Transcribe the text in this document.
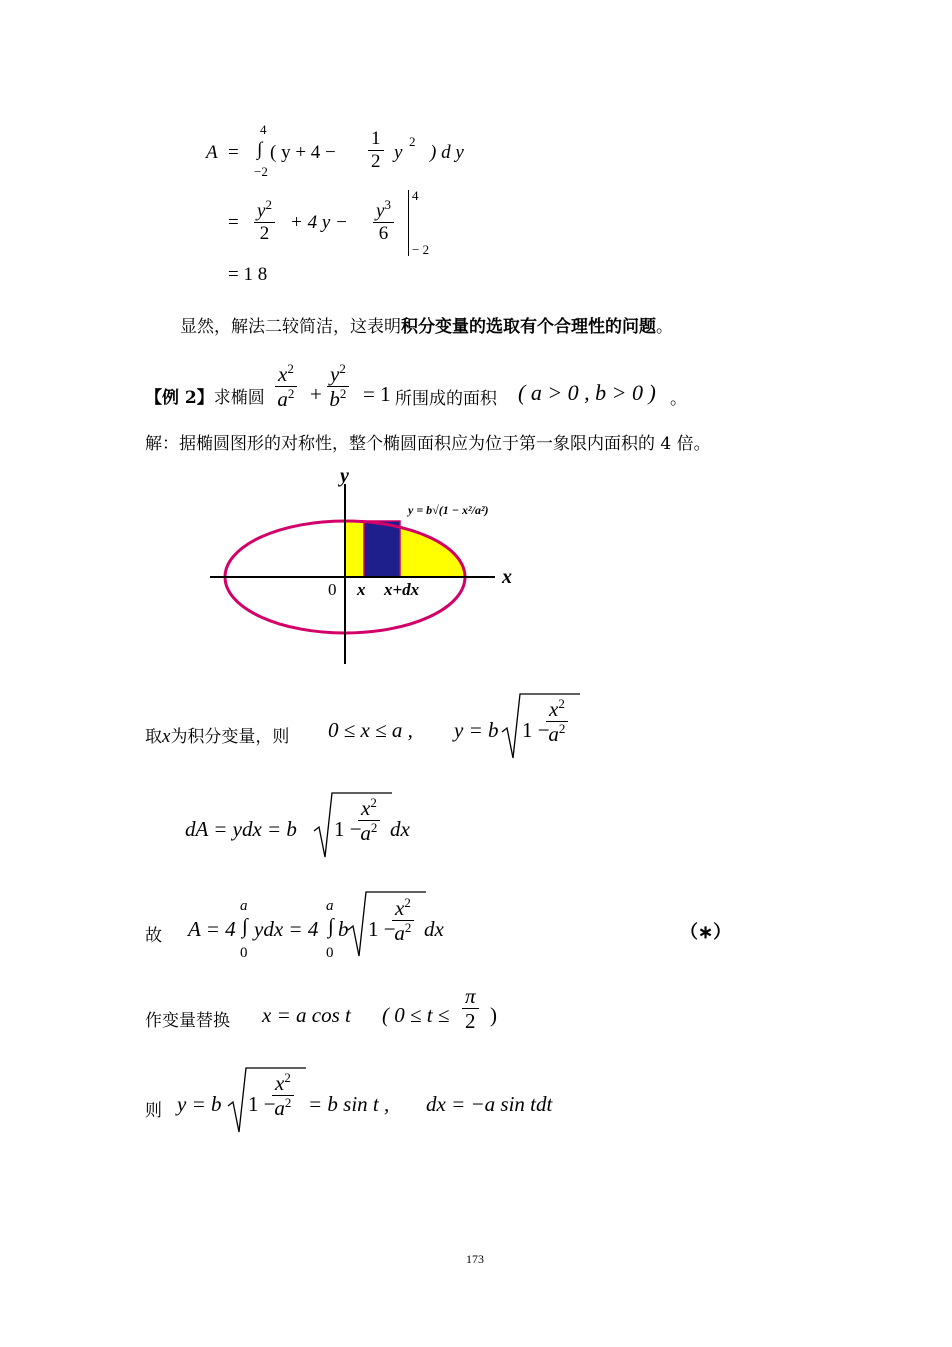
A =
4
∫
−2
( $y + 4 - \frac{1}{2}$ y
2
) d y
= $\frac{y^2}{2} + 4$ $y - \frac{y^3}{6}$
4
− 2
= 1 8
显然，解法二较简洁，这表明积分变量的选取有个合理性的问题。
【例 2】求椭圆 $\frac{x^2}{a^2} + \frac{y^2}{b^2} = 1$ 所围成的面积 ( a > 0 , b > 0 ) 。
解：据椭圆图形的对称性，整个椭圆面积应为位于第一象限内面积的 4 倍。
y
x
0 x x+dx
y = b√(1 − x²/a²)
取x为积分变量，则 0 ≤ x ≤ a , y = b 1 −
$\frac{x^2}{a^2}$
dA = ydx = b 1 −
$\frac{x^2}{a^2}$ dx
故 A = 4
a
∫
0
ydx = 4
a
∫
0
b 1 −
$\frac{x^2}{a^2}$ dx	（∗）
作变量替换 x = a cos t ( $0 \le t \le \frac{\pi}{2}$ )
则 y = b 1 −
$\frac{x^2}{a^2} = b$ sin t , dx = −a sin tdt
173
